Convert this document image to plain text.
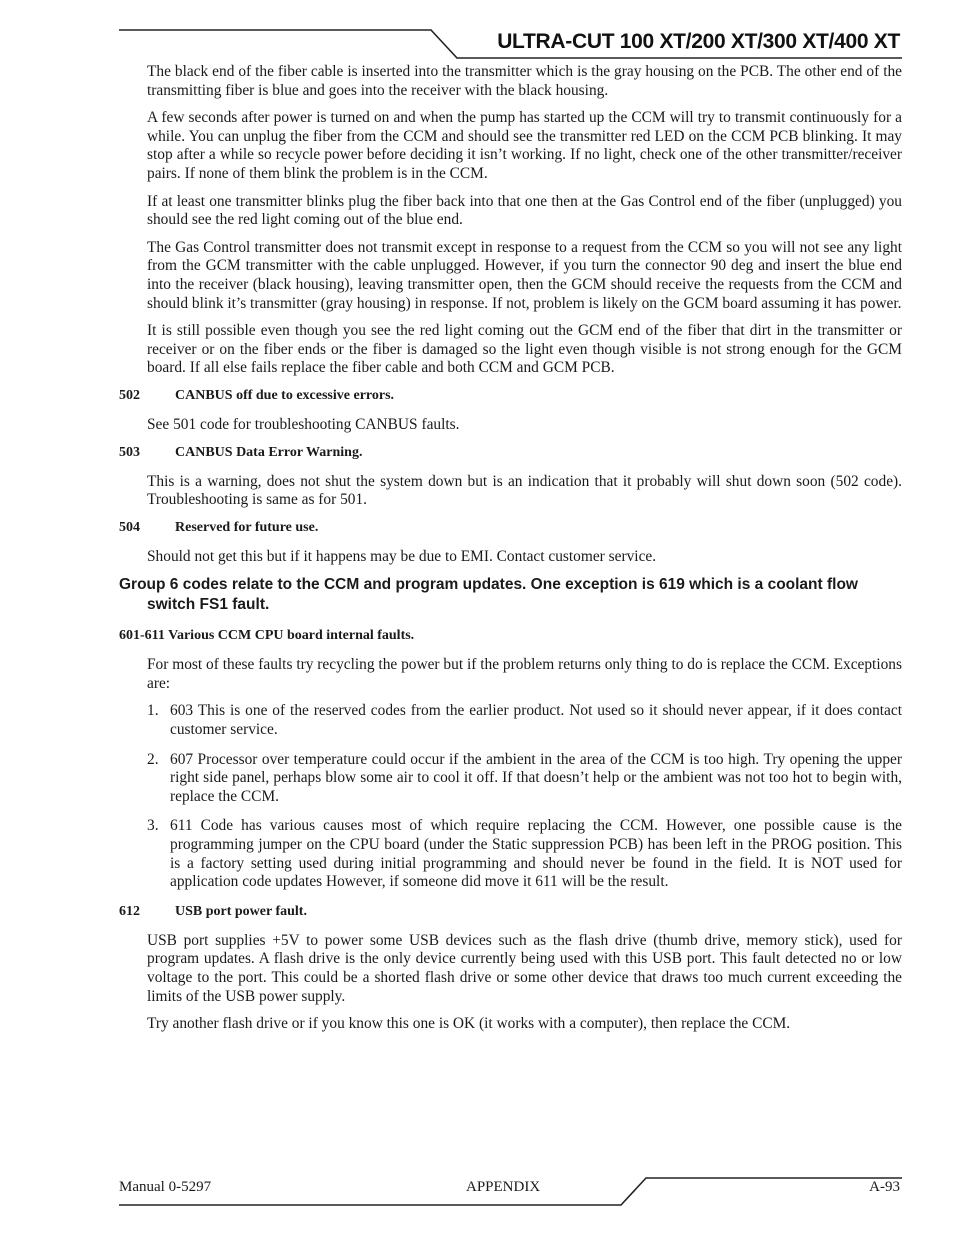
ULTRA-CUT 100 XT/200 XT/300 XT/400 XT

The black end of the fiber cable is inserted into the transmitter which is the gray housing on the PCB. The other end of the transmitting fiber is blue and goes into the receiver with the black housing.

A few seconds after power is turned on and when the pump has started up the CCM will try to transmit continuously for a while. You can unplug the fiber from the CCM and should see the transmitter red LED on the CCM PCB blinking. It may stop after a while so recycle power before deciding it isn’t working. If no light, check one of the other transmitter/receiver pairs. If none of them blink the problem is in the CCM.

If at least one transmitter blinks plug the fiber back into that one then at the Gas Control end of the fiber (unplugged) you should see the red light coming out of the blue end.

The Gas Control transmitter does not transmit except in response to a request from the CCM so you will not see any light from the GCM transmitter with the cable unplugged. However, if you turn the connector 90 deg and insert the blue end into the receiver (black housing), leaving transmitter open, then the GCM should receive the requests from the CCM and should blink it’s transmitter (gray housing) in response. If not, problem is likely on the GCM board assuming it has power.

It is still possible even though you see the red light coming out the GCM end of the fiber that dirt in the transmitter or receiver or on the fiber ends or the fiber is damaged so the light even though visible is not strong enough for the GCM board. If all else fails replace the fiber cable and both CCM and GCM PCB.

502	CANBUS off due to excessive errors.

See 501 code for troubleshooting CANBUS faults.

503	CANBUS Data Error Warning.

This is a warning, does not shut the system down but is an indication that it probably will shut down soon (502 code). Troubleshooting is same as for 501.

504	Reserved for future use.

Should not get this but if it happens may be due to EMI. Contact customer service.

Group 6 codes relate to the CCM and program updates. One exception is 619 which is a coolant flow switch FS1 fault.
601-611 Various CCM CPU board internal faults.

For most of these faults try recycling the power but if the problem returns only thing to do is replace the CCM. Exceptions are:

1. 603 This is one of the reserved codes from the earlier product. Not used so it should never appear, if it does contact customer service.
2. 607 Processor over temperature could occur if the ambient in the area of the CCM is too high. Try opening the upper right side panel, perhaps blow some air to cool it off. If that doesn’t help or the ambient was not too hot to begin with, replace the CCM.
3. 611 Code has various causes most of which require replacing the CCM. However, one possible cause is the programming jumper on the CPU board (under the Static suppression PCB) has been left in the PROG position. This is a factory setting used during initial programming and should never be found in the field. It is NOT used for application code updates However, if someone did move it 611 will be the result.
612	USB port power fault.

USB port supplies +5V to power some USB devices such as the flash drive (thumb drive, memory stick), used for program updates. A flash drive is the only device currently being used with this USB port. This fault detected no or low voltage to the port. This could be a shorted flash drive or some other device that draws too much current exceeding the limits of the USB power supply.

Try another flash drive or if you know this one is OK (it works with a computer), then replace the CCM.

Manual 0-5297	APPENDIX	A-93
